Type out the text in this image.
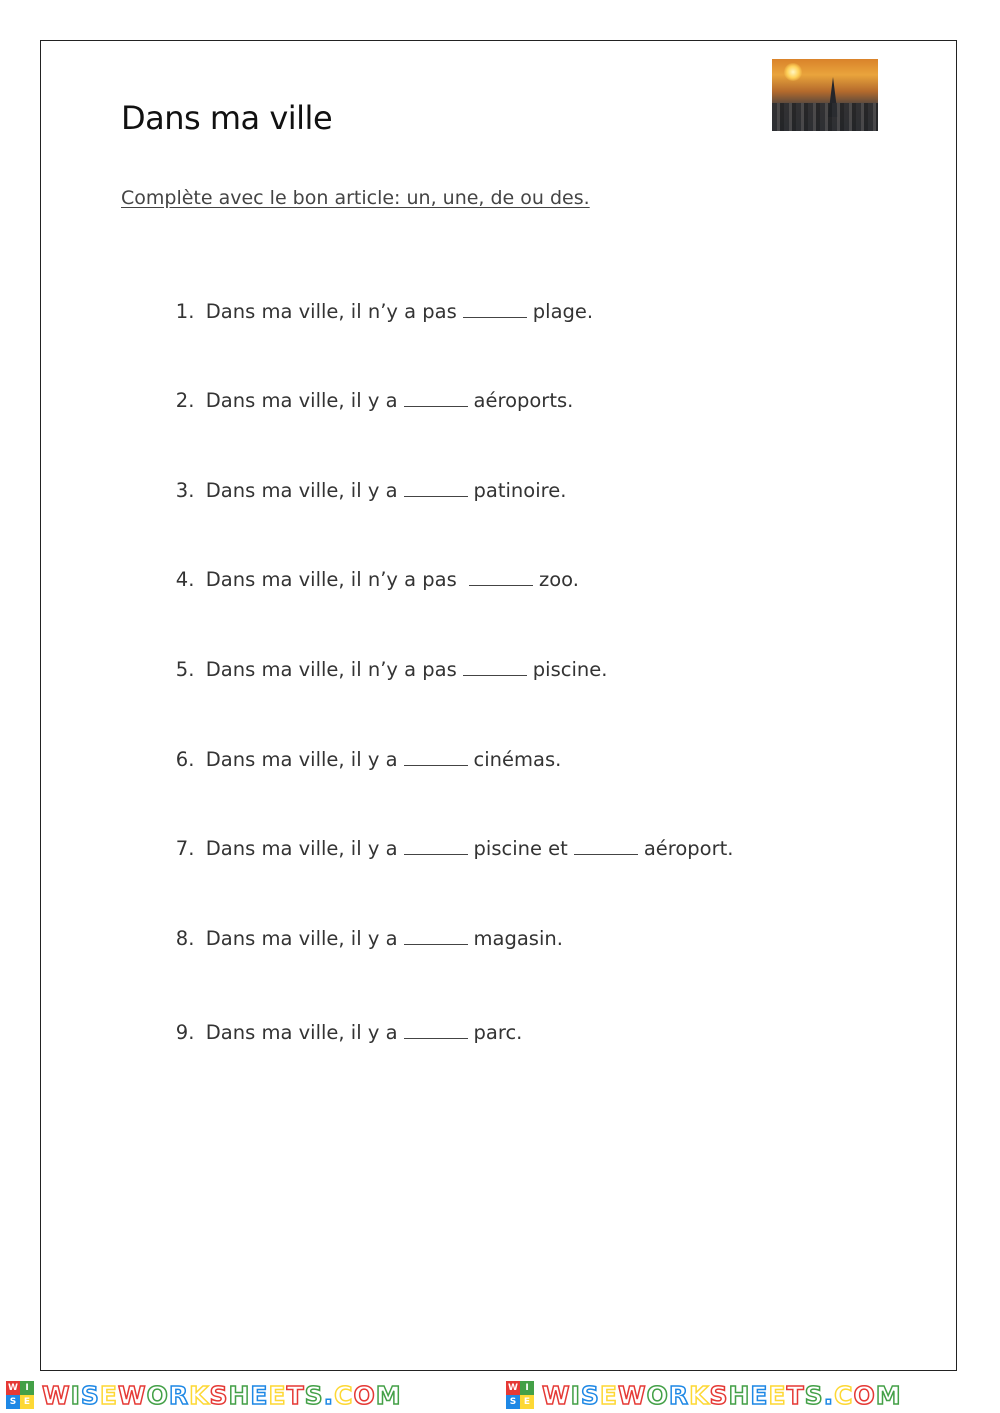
Dans ma ville
Complète avec le bon article: un, une, de ou des.

1. Dans ma ville, il n’y a pas	plage.

2. Dans ma ville, il y a	aéroports.

3. Dans ma ville, il y a	patinoire.

4. Dans ma ville, il n’y a pas	zoo.

5. Dans ma ville, il n’y a pas	piscine.

6. Dans ma ville, il y a	cinémas.

7. Dans ma ville, il y a	piscine et	aéroport.

8. Dans ma ville, il y a	magasin.

9. Dans ma ville, il y a	parc.

W I
S E WISEWORKSHEETS.COM	W I
S E WISEWORKSHEETS.COM
